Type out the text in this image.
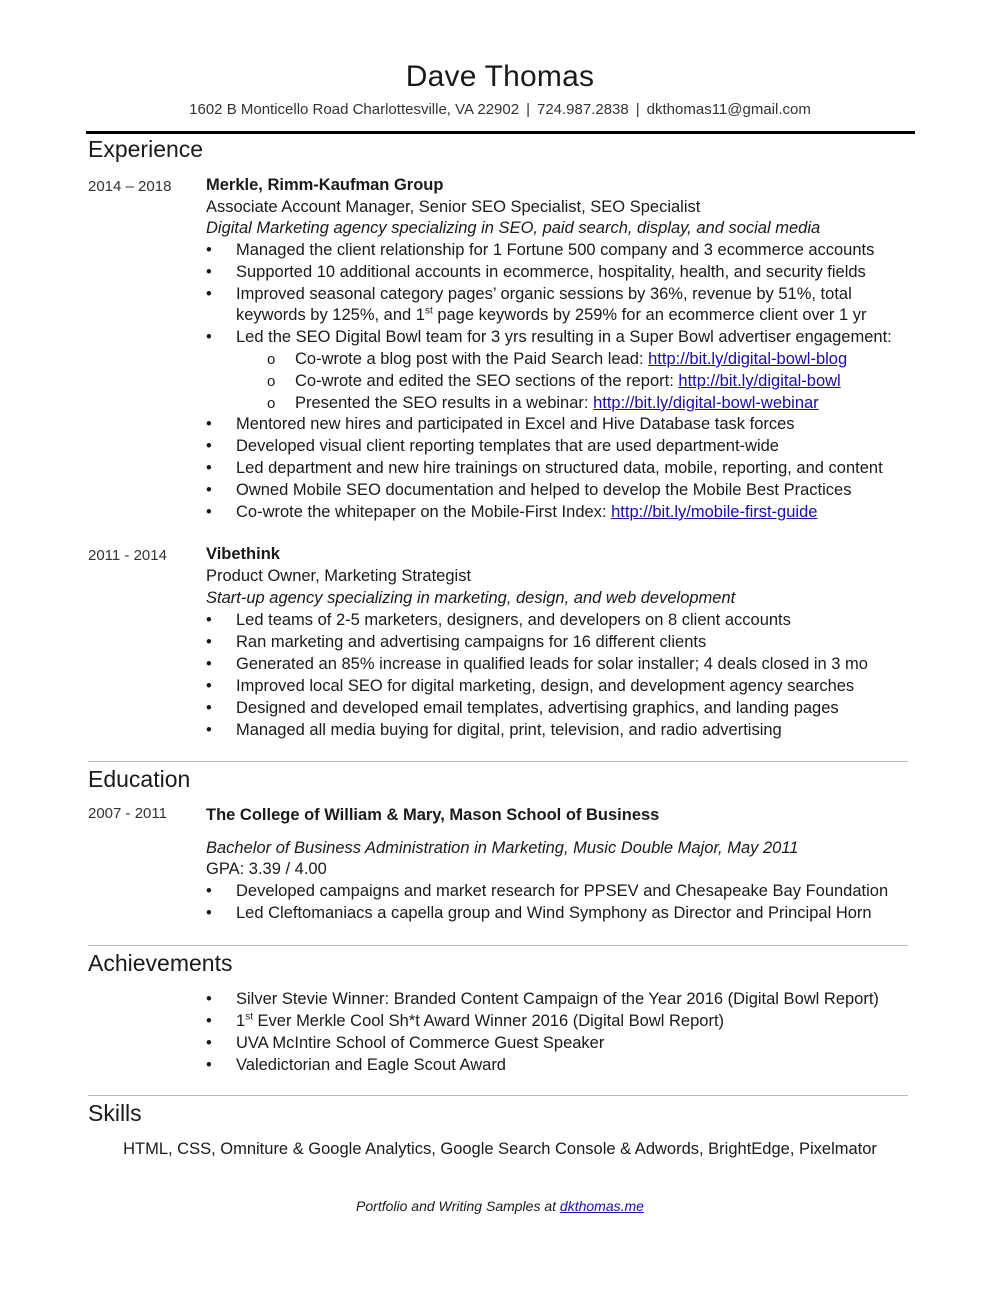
Dave Thomas
1602 B Monticello Road Charlottesville, VA 22902 | 724.987.2838 | dkthomas11@gmail.com
Experience
2014 – 2018 Merkle, Rimm-Kaufman Group
Associate Account Manager, Senior SEO Specialist, SEO Specialist
Digital Marketing agency specializing in SEO, paid search, display, and social media
• Managed the client relationship for 1 Fortune 500 company and 3 ecommerce accounts
• Supported 10 additional accounts in ecommerce, hospitality, health, and security fields
• Improved seasonal category pages’ organic sessions by 36%, revenue by 51%, total
keywords by 125%, and 1st page keywords by 259% for an ecommerce client over 1 yr
• Led the SEO Digital Bowl team for 3 yrs resulting in a Super Bowl advertiser engagement:
o Co-wrote a blog post with the Paid Search lead: http://bit.ly/digital-bowl-blog
o Co-wrote and edited the SEO sections of the report: http://bit.ly/digital-bowl
o Presented the SEO results in a webinar: http://bit.ly/digital-bowl-webinar
• Mentored new hires and participated in Excel and Hive Database task forces
• Developed visual client reporting templates that are used department-wide
• Led department and new hire trainings on structured data, mobile, reporting, and content
• Owned Mobile SEO documentation and helped to develop the Mobile Best Practices
• Co-wrote the whitepaper on the Mobile-First Index: http://bit.ly/mobile-first-guide
2011 - 2014 Vibethink
Product Owner, Marketing Strategist
Start-up agency specializing in marketing, design, and web development
• Led teams of 2-5 marketers, designers, and developers on 8 client accounts
• Ran marketing and advertising campaigns for 16 different clients
• Generated an 85% increase in qualified leads for solar installer; 4 deals closed in 3 mo
• Improved local SEO for digital marketing, design, and development agency searches
• Designed and developed email templates, advertising graphics, and landing pages
• Managed all media buying for digital, print, television, and radio advertising
Education
2007 - 2011 The College of William & Mary, Mason School of Business
Bachelor of Business Administration in Marketing, Music Double Major, May 2011
GPA: 3.39 / 4.00
• Developed campaigns and market research for PPSEV and Chesapeake Bay Foundation
• Led Cleftomaniacs a capella group and Wind Symphony as Director and Principal Horn
Achievements
• Silver Stevie Winner: Branded Content Campaign of the Year 2016 (Digital Bowl Report)
• 1st Ever Merkle Cool Sh*t Award Winner 2016 (Digital Bowl Report)
• UVA McIntire School of Commerce Guest Speaker
• Valedictorian and Eagle Scout Award
Skills
HTML, CSS, Omniture & Google Analytics, Google Search Console & Adwords, BrightEdge, Pixelmator
Portfolio and Writing Samples at dkthomas.me
